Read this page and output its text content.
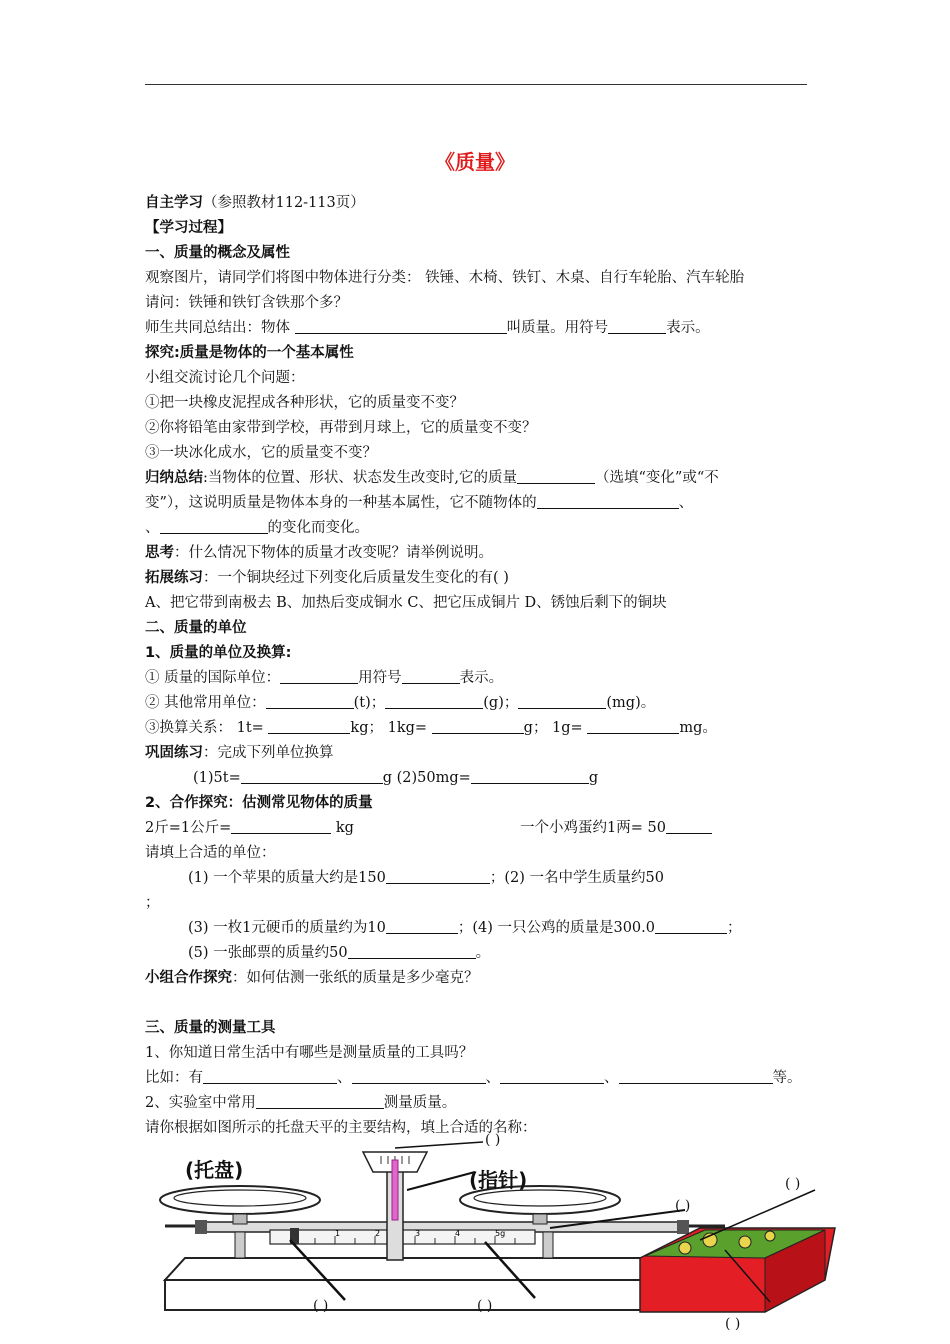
《质量》
自主学习（参照教材112-113页）
【学习过程】
一、质量的概念及属性
观察图片，请同学们将图中物体进行分类： 铁锤、木椅、铁钉、木桌、自行车轮胎、汽车轮胎
请问：铁锤和铁钉含铁那个多？
师生共同总结出：物体	叫质量。用符号	表示。
探究:质量是物体的一个基本属性
小组交流讨论几个问题：
①把一块橡皮泥捏成各种形状，它的质量变不变？
②你将铅笔由家带到学校，再带到月球上，它的质量变不变？
③一块冰化成水，它的质量变不变？
归纳总结:当物体的位置、形状、状态发生改变时,它的质量	（选填“变化”或“不
变”），这说明质量是物体本身的一种基本属性，它不随物体的	、
、	的变化而变化。
思考：什么情况下物体的质量才改变呢？请举例说明。
拓展练习：一个铜块经过下列变化后质量发生变化的有( )
A、把它带到南极去 B、加热后变成铜水 C、把它压成铜片 D、锈蚀后剩下的铜块
二、质量的单位
1、质量的单位及换算:
① 质量的国际单位：	用符号	表示。
② 其他常用单位：	(t)；	(g)；	(mg)。
③换算关系： 1t=	kg； 1kg=	g； 1g=	mg。
巩固练习：完成下列单位换算
(1)5t=	g (2)50mg=	g
2、合作探究：估测常见物体的质量
2斤=1公斤=	kg	一个小鸡蛋约1两= 50
请填上合适的单位：
(1) 一个苹果的质量大约是150	；(2) 一名中学生质量约50
；
(3) 一枚1元硬币的质量约为10	；(4) 一只公鸡的质量是300.0	；
(5) 一张邮票的质量约50	。
小组合作探究：如何估测一张纸的质量是多少毫克？
三、质量的测量工具
1、你知道日常生活中有哪些是测量质量的工具吗？
比如：有	、	、	、	等。
2、实验室中常用	测量质量。
请你根据如图所示的托盘天平的主要结构，填上合适的名称：
1	2	3	4	5g
(托盘)	(指针)
( )
( )
( )
( )	( )
( )
